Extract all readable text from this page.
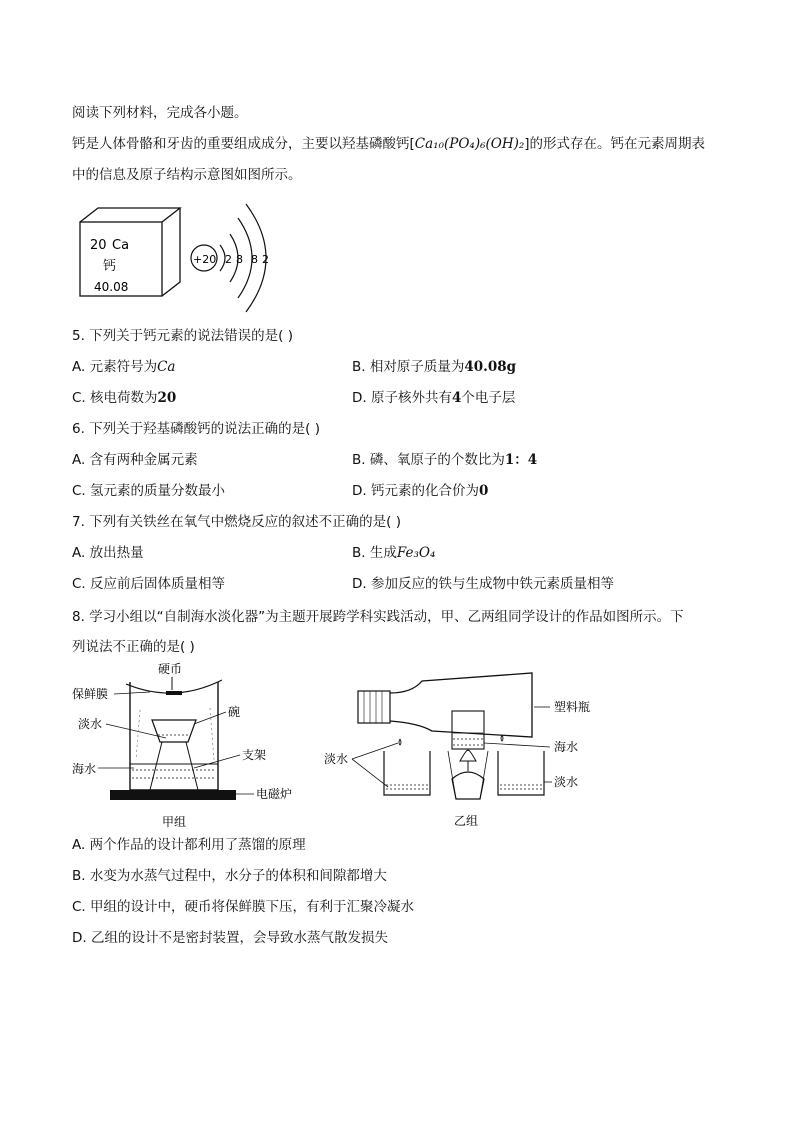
阅读下列材料，完成各小题。
钙是人体骨骼和牙齿的重要组成成分，主要以羟基磷酸钙[Ca₁₀(PO₄)₆(OH)₂]的形式存在。钙在元素周期表
中的信息及原子结构示意图如图所示。
20 Ca
钙
40.08
+20 2 8 8 2
5. 下列关于钙元素的说法错误的是( )
A. 元素符号为Ca	B. 相对原子质量为40.08g
C. 核电荷数为20	D. 原子核外共有4个电子层
6. 下列关于羟基磷酸钙的说法正确的是( )
A. 含有两种金属元素	B. 磷、氧原子的个数比为1：4
C. 氢元素的质量分数最小	D. 钙元素的化合价为0
7. 下列有关铁丝在氧气中燃烧反应的叙述不正确的是( )
A. 放出热量	B. 生成Fe₃O₄
C. 反应前后固体质量相等	D. 参加反应的铁与生成物中铁元素质量相等
8. 学习小组以“自制海水淡化器”为主题开展跨学科实践活动，甲、乙两组同学设计的作品如图所示。下
列说法不正确的是( )
硬币
保鲜膜
碗
淡水
支架
海水
电磁炉
甲组
塑料瓶
海水
淡水
淡水
乙组
A. 两个作品的设计都利用了蒸馏的原理
B. 水变为水蒸气过程中，水分子的体积和间隙都增大
C. 甲组的设计中，硬币将保鲜膜下压，有利于汇聚冷凝水
D. 乙组的设计不是密封装置，会导致水蒸气散发损失
